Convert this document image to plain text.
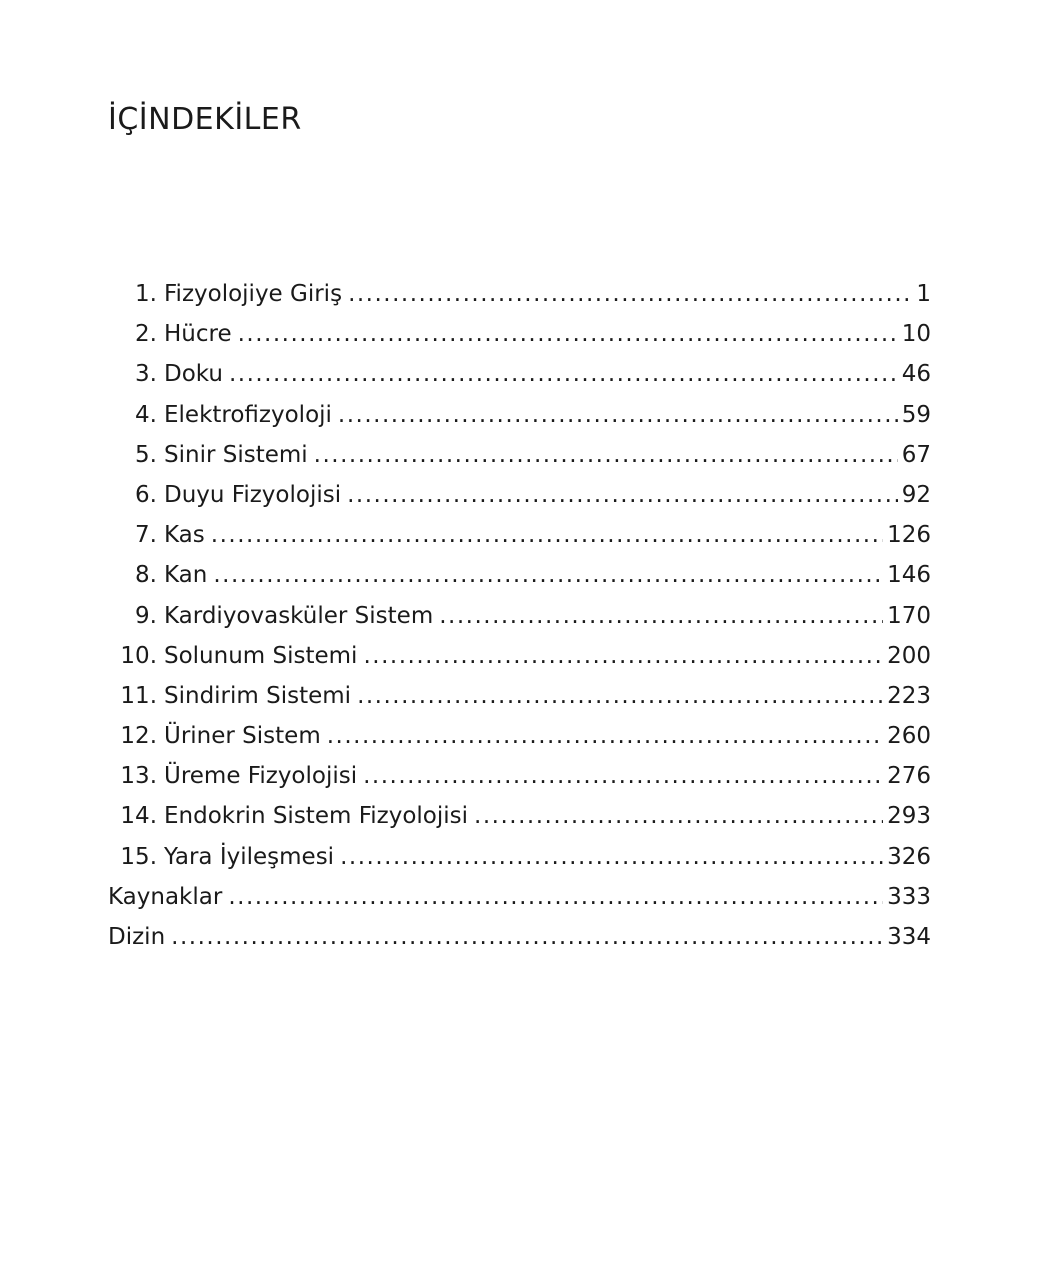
İÇİNDEKİLER
1. Fizyolojiye Giriş .....	1
2. Hücre .....	10
3. Doku .....	46
4. Elektrofizyoloji .....	59
5. Sinir Sistemi .....	67
6. Duyu Fizyolojisi .....	92
7. Kas .....	126
8. Kan .....	146
9. Kardiyovasküler Sistem .....	170
10. Solunum Sistemi .....	200
11. Sindirim Sistemi .....	223
12. Üriner Sistem .....	260
13. Üreme Fizyolojisi .....	276
14. Endokrin Sistem Fizyolojisi .....	293
15. Yara İyileşmesi .....	326
Kaynaklar .....	333
Dizin .....	334
